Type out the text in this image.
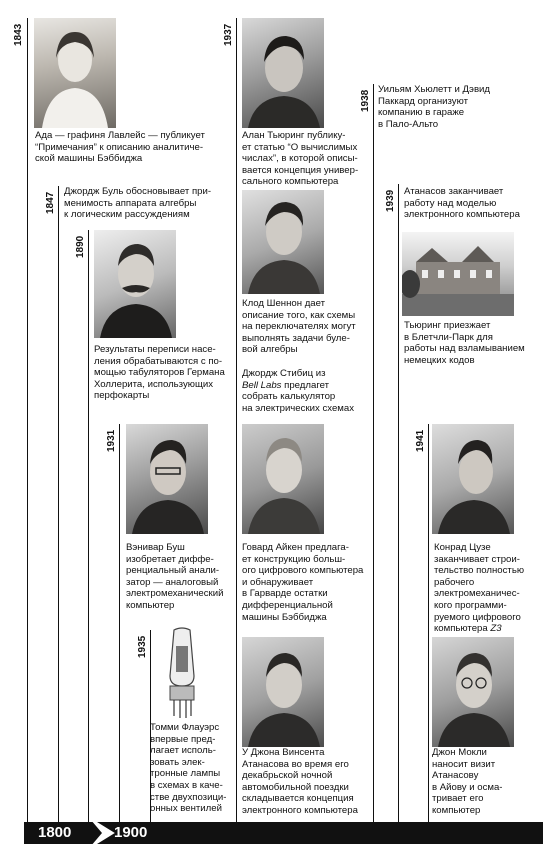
1843
1847
1890
1931
1935
1937
1938
1939
1941
Ада — графиня Лавлейс — публикует
“Примечания” к описанию аналитиче-
ской машины Бэббиджа
Джордж Буль обосновывает при-
менимость аппарата алгебры
к логическим рассуждениям
Результаты переписи насе-
ления обрабатываются с по-
мощью табуляторов Германа
Холлерита, использующих
перфокарты
Вэнивар Буш
изобретает диффе-
ренциальный анали-
затор — аналоговый
электромеханический
компьютер
Томми Флауэрс
впервые пред-
лагает исполь-
зовать элек-
тронные лампы
в схемах в каче-
стве двухпозици-
онных вентилей
Алан Тьюринг публику-
ет статью “О вычислимых
числах”, в которой описы-
вается концепция универ-
сального компьютера
Клод Шеннон дает
описание того, как схемы
на переключателях могут
выполнять задачи буле-
вой алгебры
Джордж Стибиц из
Bell Labs предлагет
собрать калькулятор
на электрических схемах
Говард Айкен предлага-
ет конструкцию больш-
ого цифрового компьютера
и обнаруживает
в Гарварде остатки
дифференциальной
машины Бэббиджа
У Джона Винсента
Атанасова во время его
декабрьской ночной
автомобильной поездки
складывается концепция
электронного компьютера
Уильям Хьюлетт и Дэвид
Паккард организуют
компанию в гараже
в Пало-Альто
Атанасов заканчивает
работу над моделью
электронного компьютера
Тьюринг приезжает
в Блетчли-Парк для
работы над взламыванием
немецких кодов
Конрад Цузе
заканчивает строи-
тельство полностью
рабочего
электромеханичес-
кого программи-
руемого цифрового
компьютера Z3
Джон Мокли
наносит визит
Атанасову
в Айову и осма-
тривает его
компьютер
1800	1900
